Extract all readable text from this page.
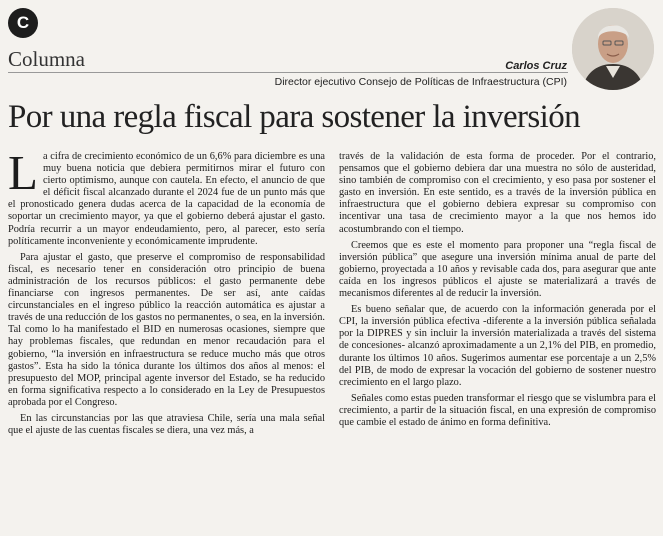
C
Columna	Carlos Cruz
Director ejecutivo Consejo de Políticas de Infraestructura (CPI)
Por una regla fiscal para sostener la inversión

La cifra de crecimiento económico de un 6,6% para diciembre es una muy buena noticia que debiera permitirnos mirar el futuro con cierto optimismo, aunque con cautela. En efecto, el anuncio de que el déficit fiscal alcanzado durante el 2024 fue de un punto más que el pronosticado genera dudas acerca de la capacidad de la economía de soportar un crecimiento mayor, ya que el gobierno deberá ajustar el gasto. Podría recurrir a un mayor endeudamiento, pero, al parecer, esto sería políticamente inconveniente y económicamente imprudente.

Para ajustar el gasto, que preserve el compromiso de responsabilidad fiscal, es necesario tener en consideración otro principio de buena administración de los recursos públicos: el gasto permanente debe financiarse con ingresos permanentes. De ser así, ante caídas circunstanciales en el ingreso público la reacción automática es ajustar a través de una reducción de los gastos no permanentes, o sea, en la inversión. Tal como lo ha manifestado el BID en numerosas ocasiones, siempre que hay problemas fiscales, que redundan en menor recaudación para el gobierno, “la inversión en infraestructura se reduce mucho más que otros gastos”. Esta ha sido la tónica durante los últimos dos años al menos: el presupuesto del MOP, principal agente inversor del Estado, se ha reducido en forma significativa respecto a lo considerado en la Ley de Presupuestos aprobada por el Congreso.

En las circunstancias por las que atraviesa Chile, sería una mala señal que el ajuste de las cuentas fiscales se diera, una vez más, a

través de la validación de esta forma de proceder. Por el contrario, pensamos que el gobierno debiera dar una muestra no sólo de austeridad, sino también de compromiso con el crecimiento, y eso pasa por sostener el gasto en inversión. En este sentido, es a través de la inversión pública en infraestructura que el gobierno debiera expresar su compromiso con incentivar una tasa de crecimiento mayor a la que nos hemos ido acostumbrando con el tiempo.

Creemos que es este el momento para proponer una “regla fiscal de inversión pública” que asegure una inversión mínima anual de parte del gobierno, proyectada a 10 años y revisable cada dos, para asegurar que ante caída en los ingresos públicos el ajuste se materializará a través de mecanismos diferentes al de reducir la inversión.

Es bueno señalar que, de acuerdo con la información generada por el CPI, la inversión pública efectiva -diferente a la inversión pública señalada por la DIPRES y sin incluir la inversión materializada a través del sistema de concesiones- alcanzó aproximadamente a un 2,1% del PIB, en promedio, durante los últimos 10 años. Sugerimos aumentar ese porcentaje a un 2,5% del PIB, de modo de expresar la vocación del gobierno de sostener nuestro crecimiento en el largo plazo.

Señales como estas pueden transformar el riesgo que se vislumbra para el crecimiento, a partir de la situación fiscal, en una expresión de compromiso que cambie el estado de ánimo en forma definitiva.
